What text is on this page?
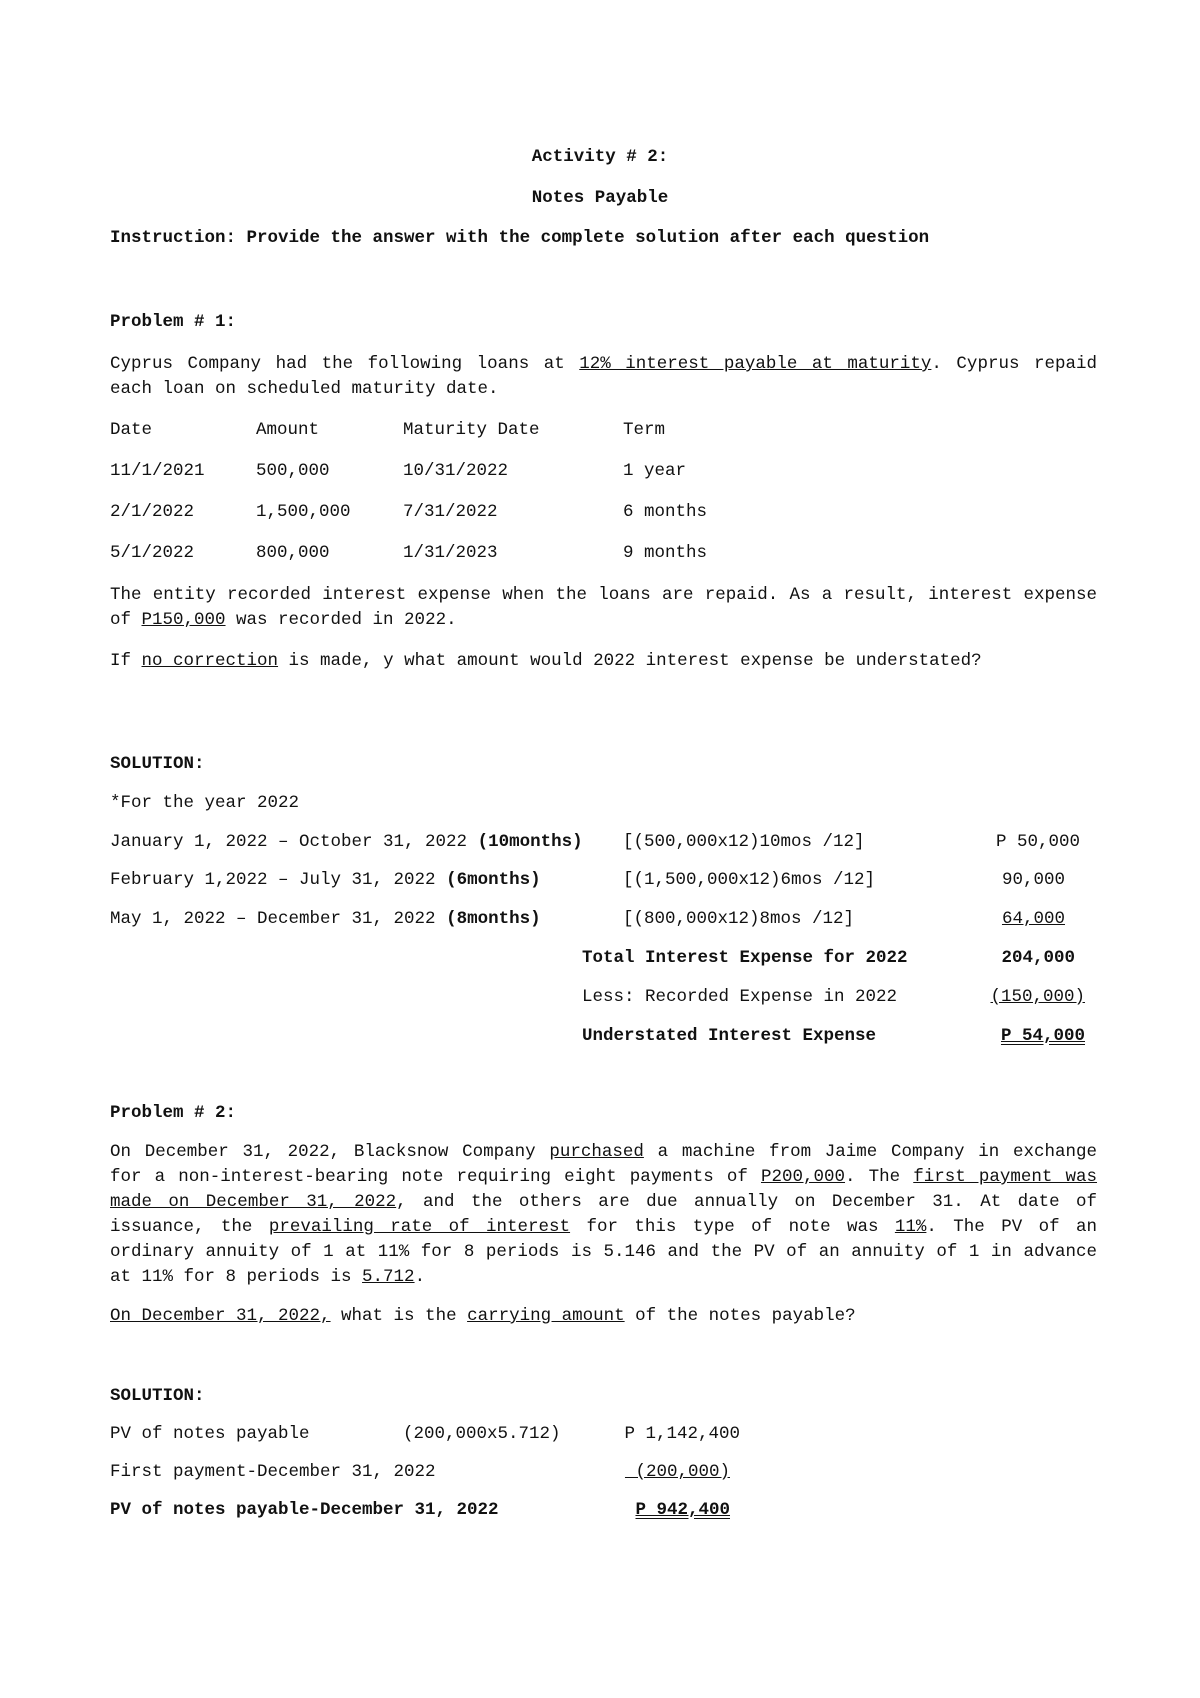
Activity # 2:
Notes Payable
Instruction: Provide the answer with the complete solution after each question
Problem # 1:
Cyprus Company had the following loans at 12% interest payable at maturity. Cyprus repaid each loan on scheduled maturity date.
Date	Amount	Maturity Date	Term
11/1/2021	500,000	10/31/2022	1 year
2/1/2022	1,500,000	7/31/2022	6 months
5/1/2022	800,000	1/31/2023	9 months
The entity recorded interest expense when the loans are repaid. As a result, interest expense of P150,000 was recorded in 2022.
If no correction is made, y what amount would 2022 interest expense be understated?
SOLUTION:
*For the year 2022
January 1, 2022 – October 31, 2022 (10months) [(500,000x12)10mos /12]	P 50,000
February 1,2022 – July 31, 2022 (6months)	[(1,500,000x12)6mos /12]	90,000
May 1, 2022 – December 31, 2022 (8months)	[(800,000x12)8mos /12]	64,000
Total Interest Expense for 2022	204,000
Less: Recorded Expense in 2022	(150,000)
Understated Interest Expense	P 54,000
Problem # 2:
On December 31, 2022, Blacksnow Company purchased a machine from Jaime Company in exchange for a non-interest-bearing note requiring eight payments of P200,000. The first payment was made on December 31, 2022, and the others are due annually on December 31. At date of issuance, the prevailing rate of interest for this type of note was 11%. The PV of an ordinary annuity of 1 at 11% for 8 periods is 5.146 and the PV of an annuity of 1 in advance at 11% for 8 periods is 5.712.
On December 31, 2022, what is the carrying amount of the notes payable?
SOLUTION:
PV of notes payable	(200,000x5.712)	P 1,142,400
First payment-December 31, 2022	(200,000)
PV of notes payable-December 31, 2022	P 942,400
